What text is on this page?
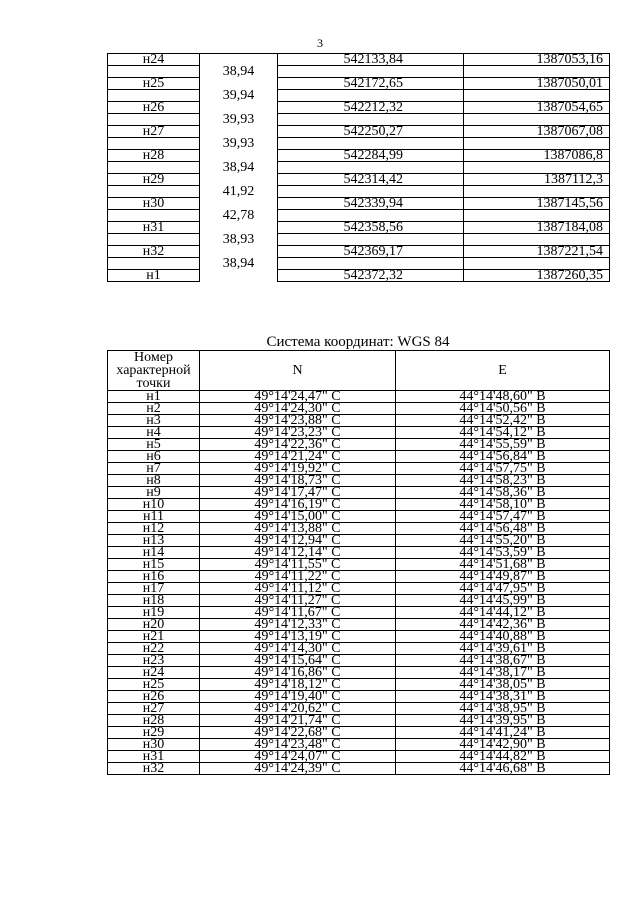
3
н24		542133,84	1387053,16
	38,94		
н25		542172,65	1387050,01
	39,94		
н26		542212,32	1387054,65
	39,93		
н27		542250,27	1387067,08
	39,93		
н28		542284,99	1387086,8
	38,94		
н29		542314,42	1387112,3
	41,92		
н30		542339,94	1387145,56
	42,78		
н31		542358,56	1387184,08
	38,93		
н32		542369,17	1387221,54
	38,94		
н1		542372,32	1387260,35
Система координат: WGS 84
Номер характерной точки	N	E
н1	49°14'24,47" С	44°14'48,60" В
н2	49°14'24,30" С	44°14'50,56" В
н3	49°14'23,88" С	44°14'52,42" В
н4	49°14'23,23" С	44°14'54,12" В
н5	49°14'22,36" С	44°14'55,59" В
н6	49°14'21,24" С	44°14'56,84" В
н7	49°14'19,92" С	44°14'57,75" В
н8	49°14'18,73" С	44°14'58,23" В
н9	49°14'17,47" С	44°14'58,36" В
н10	49°14'16,19" С	44°14'58,10" В
н11	49°14'15,00" С	44°14'57,47" В
н12	49°14'13,88" С	44°14'56,48" В
н13	49°14'12,94" С	44°14'55,20" В
н14	49°14'12,14" С	44°14'53,59" В
н15	49°14'11,55" С	44°14'51,68" В
н16	49°14'11,22" С	44°14'49,87" В
н17	49°14'11,12" С	44°14'47,95" В
н18	49°14'11,27" С	44°14'45,99" В
н19	49°14'11,67" С	44°14'44,12" В
н20	49°14'12,33" С	44°14'42,36" В
н21	49°14'13,19" С	44°14'40,88" В
н22	49°14'14,30" С	44°14'39,61" В
н23	49°14'15,64" С	44°14'38,67" В
н24	49°14'16,86" С	44°14'38,17" В
н25	49°14'18,12" С	44°14'38,05" В
н26	49°14'19,40" С	44°14'38,31" В
н27	49°14'20,62" С	44°14'38,95" В
н28	49°14'21,74" С	44°14'39,95" В
н29	49°14'22,68" С	44°14'41,24" В
н30	49°14'23,48" С	44°14'42,90" В
н31	49°14'24,07" С	44°14'44,82" В
н32	49°14'24,39" С	44°14'46,68" В
